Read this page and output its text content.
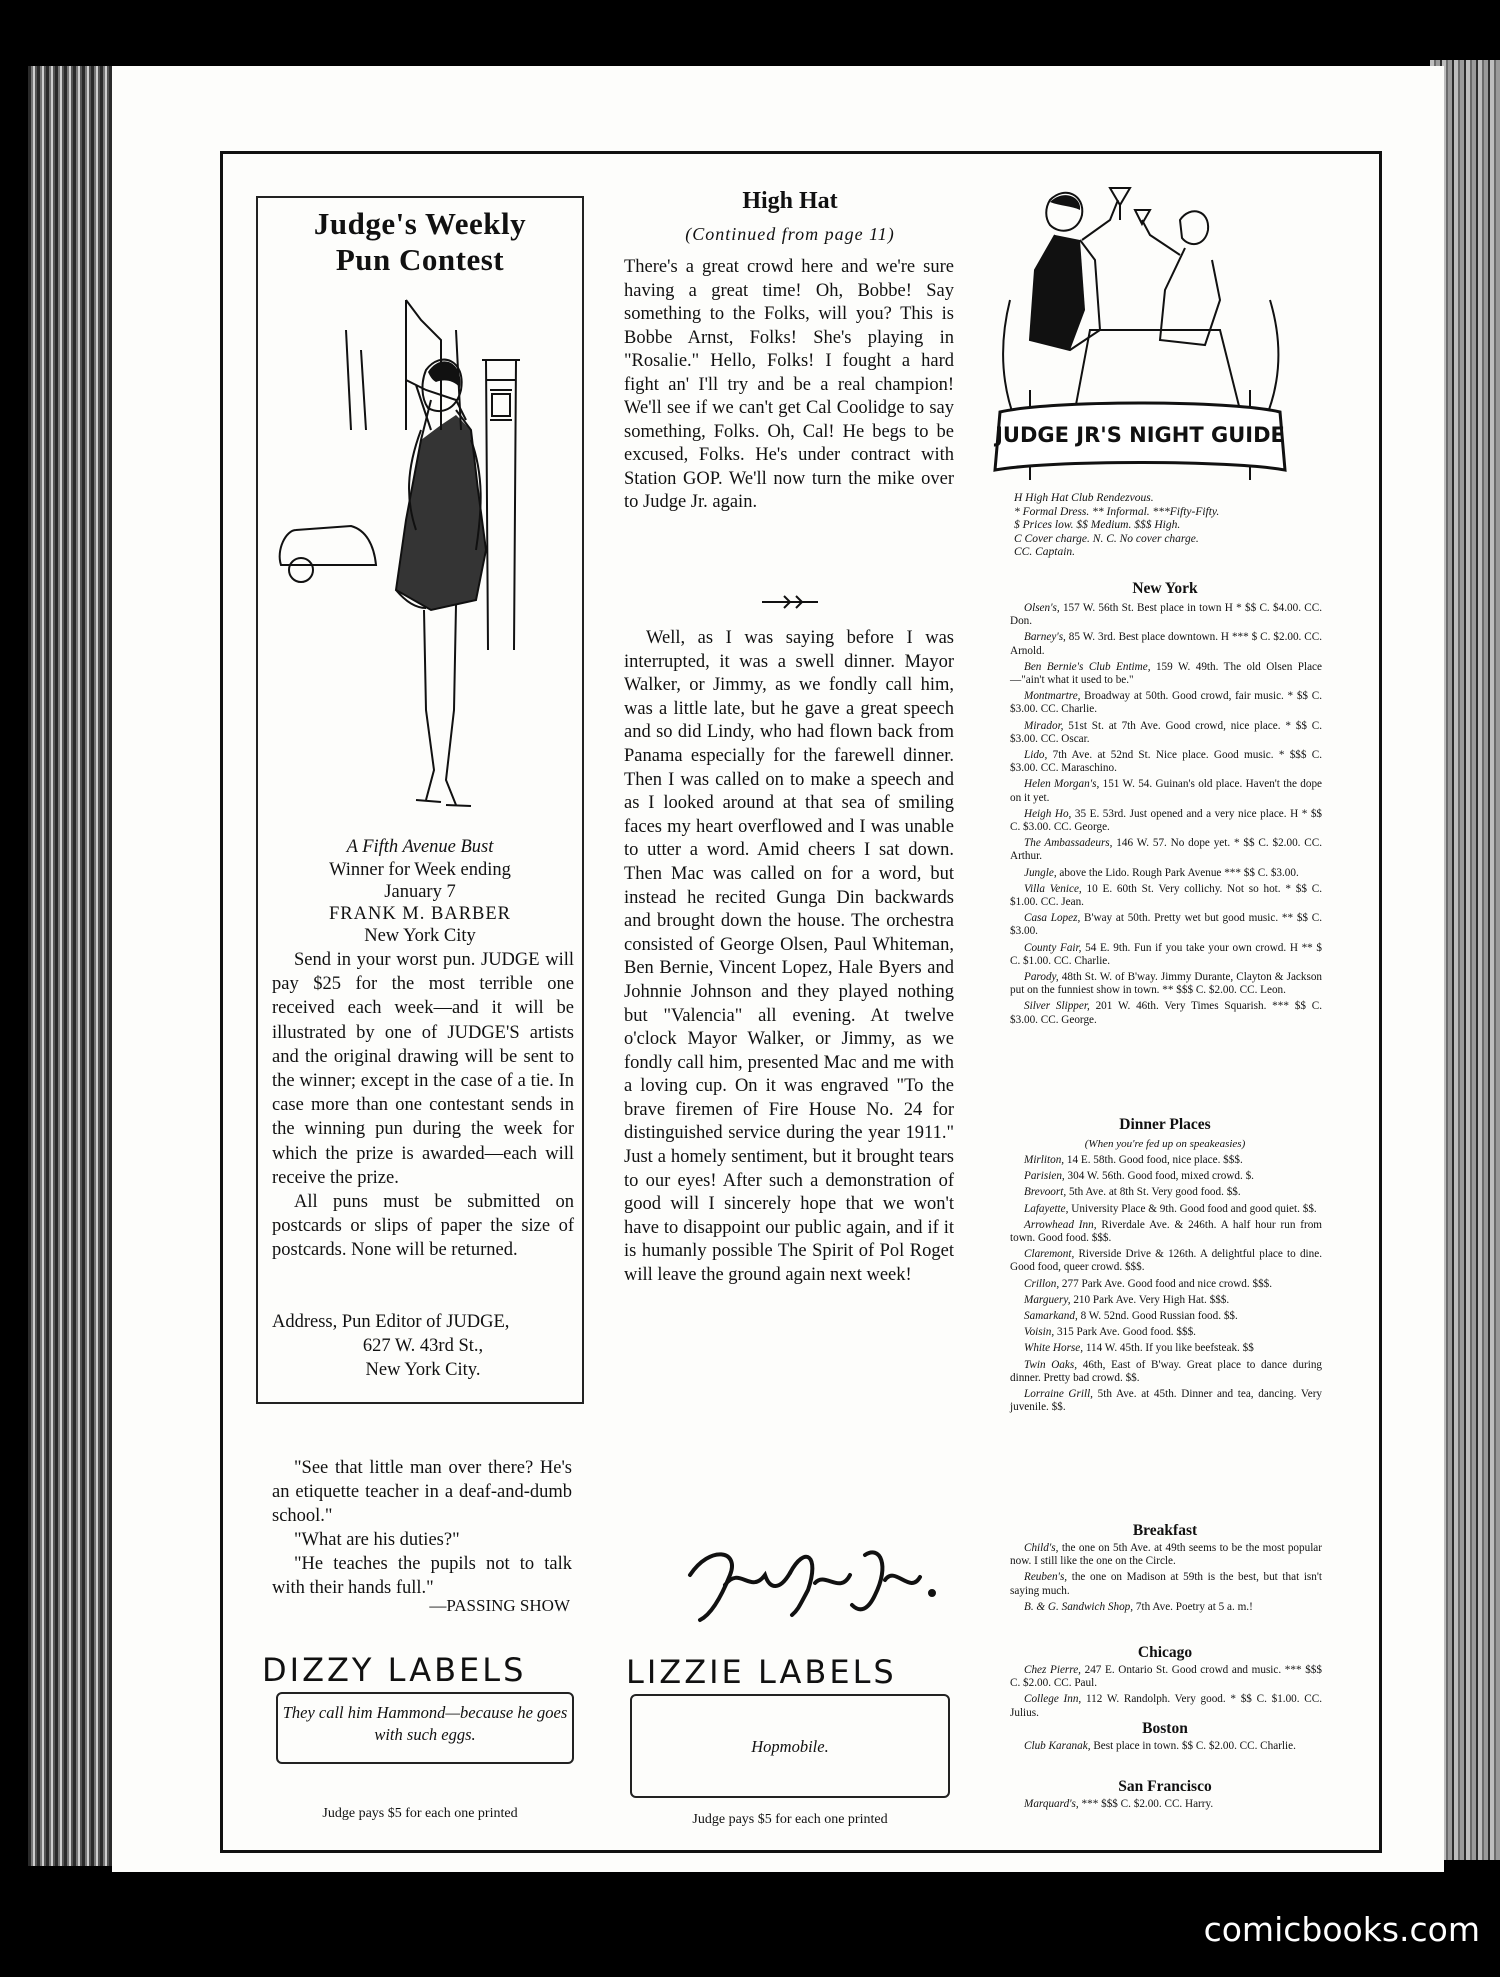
Judge's Weekly
Pun Contest
A Fifth Avenue Bust
Winner for Week ending
January 7
FRANK M. BARBER
New York City

Send in your worst pun. JUDGE will pay $25 for the most terrible one received each week—and it will be illustrated by one of JUDGE'S artists and the original drawing will be sent to the winner; except in the case of a tie. In case more than one contestant sends in the winning pun during the week for which the prize is awarded—each will receive the prize.

All puns must be submitted on postcards or slips of paper the size of postcards. None will be returned.

Address, Pun Editor of JUDGE,
627 W. 43rd St.,
New York City.

"See that little man over there? He's an etiquette teacher in a deaf-and-dumb school."

"What are his duties?"

"He teaches the pupils not to talk with their hands full."

—PASSING SHOW
DIZZY LABELS
They call him Hammond—because he goes with such eggs.
Judge pays $5 for each one printed
High Hat
(Continued from page 11)

There's a great crowd here and we're sure having a great time! Oh, Bobbe! Say something to the Folks, will you? This is Bobbe Arnst, Folks! She's playing in "Rosalie." Hello, Folks! I fought a hard fight an' I'll try and be a real champion! We'll see if we can't get Cal Coolidge to say something, Folks. Oh, Cal! He begs to be excused, Folks. He's under contract with Station GOP. We'll now turn the mike over to Judge Jr. again.

Well, as I was saying before I was interrupted, it was a swell dinner. Mayor Walker, or Jimmy, as we fondly call him, was a little late, but he gave a great speech and so did Lindy, who had flown back from Panama especially for the farewell dinner. Then I was called on to make a speech and as I looked around at that sea of smiling faces my heart overflowed and I was unable to utter a word. Amid cheers I sat down. Then Mac was called on for a word, but instead he recited Gunga Din backwards and brought down the house. The orchestra consisted of George Olsen, Paul Whiteman, Ben Bernie, Vincent Lopez, Hale Byers and Johnnie Johnson and they played nothing but "Valencia" all evening. At twelve o'clock Mayor Walker, or Jimmy, as we fondly call him, presented Mac and me with a loving cup. On it was engraved "To the brave firemen of Fire House No. 24 for distinguished service during the year 1911." Just a homely sentiment, but it brought tears to our eyes! After such a demonstration of good will I sincerely hope that we won't have to disappoint our public again, and if it is humanly possible The Spirit of Pol Roget will leave the ground again next week!

Judge Jr.
LIZZIE LABELS
Hopmobile.
Judge pays $5 for each one printed
JUDGE JR'S NIGHT GUIDE
H High Hat Club Rendezvous.
* Formal Dress. ** Informal. ***Fifty-Fifty.
$ Prices low. $$ Medium. $$$ High.
C Cover charge. N. C. No cover charge.
CC. Captain.
New York

Olsen's, 157 W. 56th St. Best place in town H * $$ C. $4.00. CC. Don.

Barney's, 85 W. 3rd. Best place downtown. H *** $ C. $2.00. CC. Arnold.

Ben Bernie's Club Entime, 159 W. 49th. The old Olsen Place—"ain't what it used to be."

Montmartre, Broadway at 50th. Good crowd, fair music. * $$ C. $3.00. CC. Charlie.

Mirador, 51st St. at 7th Ave. Good crowd, nice place. * $$ C. $3.00. CC. Oscar.

Lido, 7th Ave. at 52nd St. Nice place. Good music. * $$$ C. $3.00. CC. Maraschino.

Helen Morgan's, 151 W. 54. Guinan's old place. Haven't the dope on it yet.

Heigh Ho, 35 E. 53rd. Just opened and a very nice place. H * $$ C. $3.00. CC. George.

The Ambassadeurs, 146 W. 57. No dope yet. * $$ C. $2.00. CC. Arthur.

Jungle, above the Lido. Rough Park Avenue *** $$ C. $3.00.

Villa Venice, 10 E. 60th St. Very collichy. Not so hot. * $$ C. $1.00. CC. Jean.

Casa Lopez, B'way at 50th. Pretty wet but good music. ** $$ C. $3.00.

County Fair, 54 E. 9th. Fun if you take your own crowd. H ** $ C. $1.00. CC. Charlie.

Parody, 48th St. W. of B'way. Jimmy Durante, Clayton & Jackson put on the funniest show in town. ** $$$ C. $2.00. CC. Leon.

Silver Slipper, 201 W. 46th. Very Times Squarish. *** $$ C. $3.00. CC. George.

Dinner Places
(When you're fed up on speakeasies)

Mirliton, 14 E. 58th. Good food, nice place. $$$.

Parisien, 304 W. 56th. Good food, mixed crowd. $.

Brevoort, 5th Ave. at 8th St. Very good food. $$.

Lafayette, University Place & 9th. Good food and good quiet. $$.

Arrowhead Inn, Riverdale Ave. & 246th. A half hour run from town. Good food. $$$.

Claremont, Riverside Drive & 126th. A delightful place to dine. Good food, queer crowd. $$$.

Crillon, 277 Park Ave. Good food and nice crowd. $$$.

Marguery, 210 Park Ave. Very High Hat. $$$.

Samarkand, 8 W. 52nd. Good Russian food. $$.

Voisin, 315 Park Ave. Good food. $$$.

White Horse, 114 W. 45th. If you like beefsteak. $$

Twin Oaks, 46th, East of B'way. Great place to dance during dinner. Pretty bad crowd. $$.

Lorraine Grill, 5th Ave. at 45th. Dinner and tea, dancing. Very juvenile. $$.

Breakfast

Child's, the one on 5th Ave. at 49th seems to be the most popular now. I still like the one on the Circle.

Reuben's, the one on Madison at 59th is the best, but that isn't saying much.

B. & G. Sandwich Shop, 7th Ave. Poetry at 5 a. m.!

Chicago

Chez Pierre, 247 E. Ontario St. Good crowd and music. *** $$$ C. $2.00. CC. Paul.

College Inn, 112 W. Randolph. Very good. * $$ C. $1.00. CC. Julius.

Boston

Club Karanak, Best place in town. $$ C. $2.00. CC. Charlie.

San Francisco

Marquard's, *** $$$ C. $2.00. CC. Harry.

comicbooks.com
